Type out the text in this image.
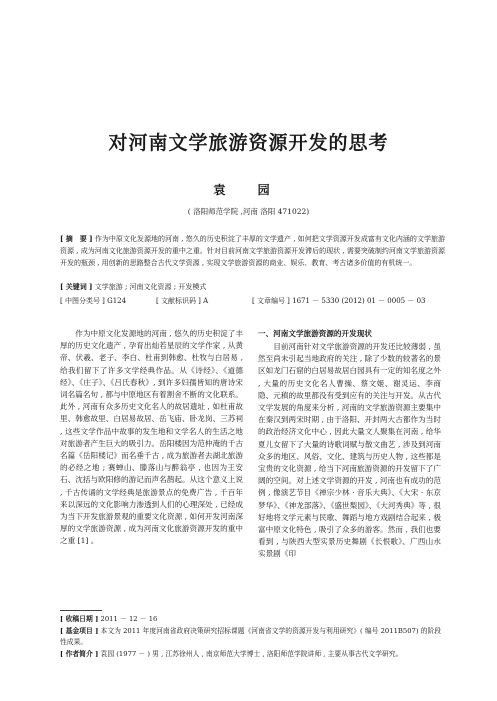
对河南文学旅游资源开发的思考
袁 园
( 洛阳师范学院 ,河南 洛阳 471022)
[ 摘　要 ] 作为中原文化发源地的河南 , 悠久的历史积淀了丰厚的文学遗产 , 如何把文学资源开发成富有文化内涵的文学旅游资源 , 成为河南文化旅游资源开发的重中之重。针对目前河南文学旅游资源开发滞后的现状 , 需要突破制约河南文学旅游资源开发的瓶颈 , 用创新的思路整合古代文学资源 , 实现文学旅游资源的商业、娱乐、教育、考古诸多价值的有机统一。
[ 关键词 ] 文学旅游 ; 河南文化资源 ; 开发模式
[ 中图分类号 ] G124	[ 文献标识码 ] A	[ 文章编号 ] 1671 － 5330 (2012) 01 － 0005 － 03
作为中原文化发源地的河南 , 悠久的历史积淀了丰厚的历史文化遗产 , 孕育出灿若星辰的文学作家 , 从黄帝、伏羲、老子、李白、杜甫到韩愈、杜牧与白居易 , 给我们留下了许多文学经典作品。从《诗经》、《道德经》、《庄子》、《吕氏春秋》, 到许多妇孺皆知的唐诗宋词名篇名句 , 都与中原地区有着割舍不断的文化联系。此外 , 河南有众多历史文化名人的故居遗址 , 如杜甫故里、韩愈故里、白居易故居、岳飞庙、卧龙岗、三苏祠 , 这些文学作品中故事的发生地和文学名人的生活之地对旅游者产生巨大的吸引力。岳阳楼因为范仲淹的千古名篇《岳阳楼记》而名垂千古 , 成为旅游者去湖北旅游的必经之地 ; 赛蝉山、滕落山与醉翁亭 , 也因为王安石、沈括与欧阳修的游记而声名鹊起。从这个意义上说 , 千古传诵的文学经典是旅游景点的免费广告 , 千百年来以深远的文化影响力渗透到人们的心理深处 , 已经成为当下开发旅游景观的重要文化资源 , 如何开发河南深厚的文学旅游资源 , 成为河南文化旅游资源开发的重中之重 [1] 。
一、河南文学旅游资源的开发现状
目前河南针对文学旅游资源的开发还比较薄弱 , 虽然至尚未引起当地政府的关注 , 除了少数的较著名的景区如龙门石窟的白居易故居白园具有一定的知名度之外 , 大量的历史文化名人曹操、蔡文姬、谢灵运、李商隐、元稹的故里都没有受到应有的关注与开发。从古代文学发展的角度来分析 , 河南的文学旅游资源主要集中在秦汉到两宋时期 , 由于洛阳、开封两大古都作为当时的政治经济文化中心 , 因此大量文人聚集在河南 , 给华夏儿女留下了大量的诗歌词赋与散文曲艺 , 涉及到河南众多的地区、风俗、文化、建筑与历史人物 , 这些都是宝贵的文化资源 , 给当下河南旅游资源的开发留下了广阔的空间。对上述文学资源的开发 , 河南也有成功的范例 , 像演艺节目《禅宗少林 · 音乐大典》、《大宋 · 东京梦华》、《神龙部落》、《盛世梨园》、《大河秀典》等 , 很好地将文学元素与民歌、舞蹈与地方戏剧结合起来 , 极富中原文化特色 , 吸引了众多的游客。然而 , 我们也要看到 , 与陕西大型实景历史舞剧《长恨歌》、广西山水实景剧《印
[ 收稿日期 ] 2011 － 12 － 16
[ 基金项目 ] 本文为 2011 年度河南省政府决策研究招标课题《河南省文学的资源开发与利用研究》( 编号 2011B507) 的阶段性成果。
[ 作者简介 ] 袁园 (1977 － ) 男 , 江苏徐州人 , 南京师范大学博士 , 洛阳师范学院讲师 , 主要从事古代文学研究。
